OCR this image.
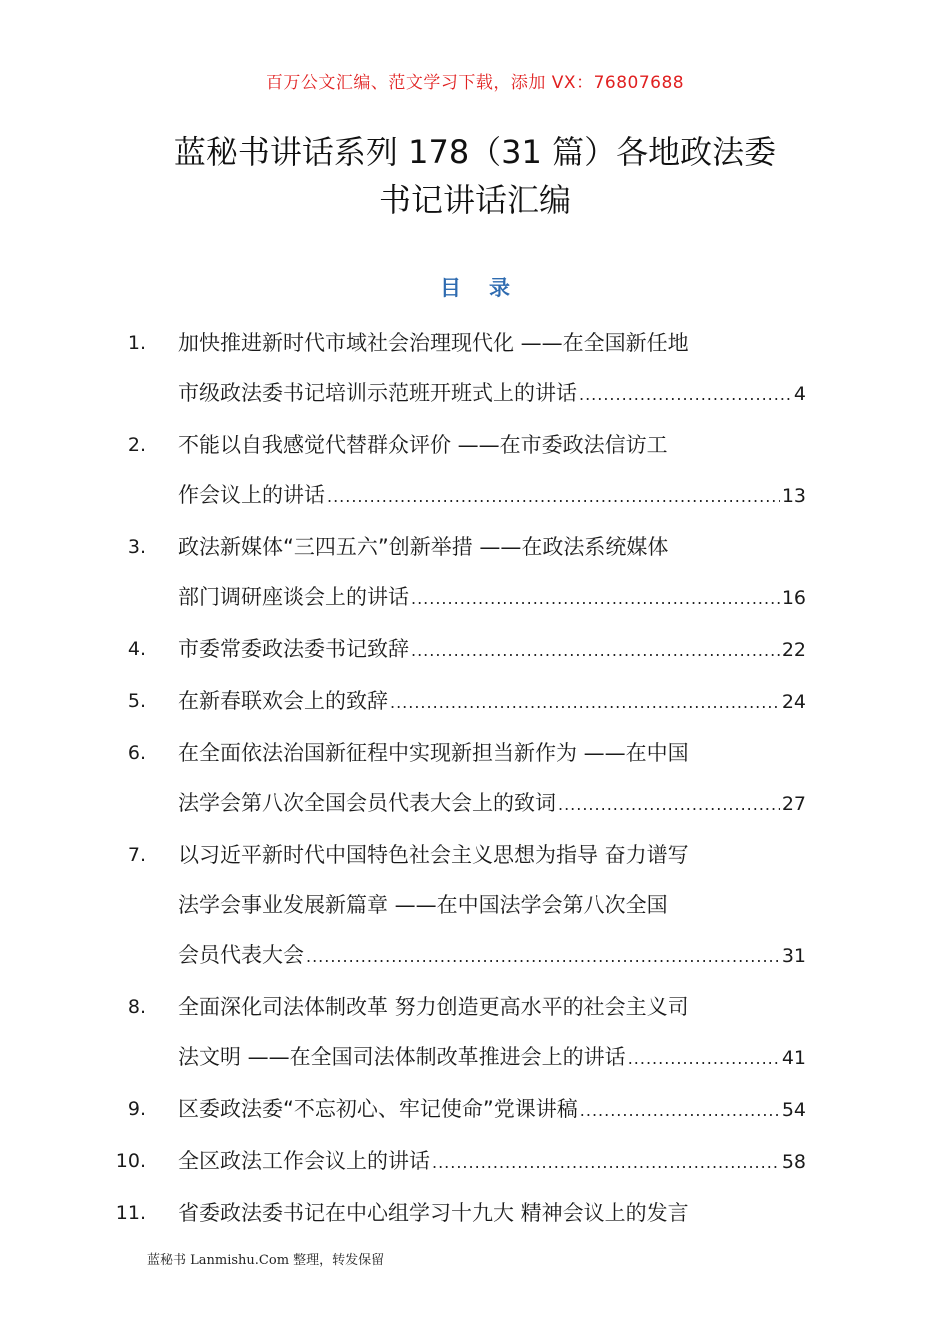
百万公文汇编、范文学习下载，添加 VX：76807688
蓝秘书讲话系列 178（31 篇）各地政法委
书记讲话汇编
目录
1. 加快推进新时代市域社会治理现代化 ——在全国新任地
市级政法委书记培训示范班开班式上的讲话 .....	4
2. 不能以自我感觉代替群众评价 ——在市委政法信访工
作会议上的讲话 .....	13
3. 政法新媒体“三四五六”创新举措 ——在政法系统媒体
部门调研座谈会上的讲话 .....	16
4. 市委常委政法委书记致辞 .....	22
5. 在新春联欢会上的致辞 .....	24
6. 在全面依法治国新征程中实现新担当新作为 ——在中国
法学会第八次全国会员代表大会上的致词 .....	27
7. 以习近平新时代中国特色社会主义思想为指导 奋力谱写
法学会事业发展新篇章 ——在中国法学会第八次全国
会员代表大会 .....	31
8. 全面深化司法体制改革 努力创造更高水平的社会主义司
法文明 ——在全国司法体制改革推进会上的讲话 .....	41
9. 区委政法委“不忘初心、牢记使命”党课讲稿 .....	54
10. 全区政法工作会议上的讲话 .....	58
11. 省委政法委书记在中心组学习十九大 精神会议上的发言
蓝秘书 Lanmishu.Com 整理，转发保留
